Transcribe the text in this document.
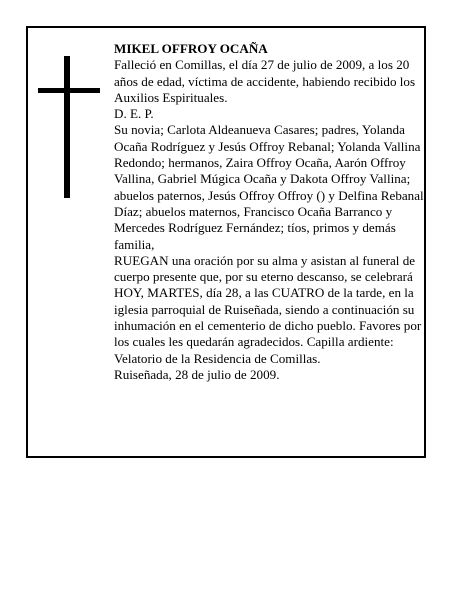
MIKEL OFFROY OCAÑA

Falleció en Comillas, el día 27 de julio de 2009, a los 20 años de edad, víctima de accidente, habiendo recibido los Auxilios Espirituales.

D. E. P.

Su novia; Carlota Aldeanueva Casares; padres, Yolanda Ocaña Rodríguez y Jesús Offroy Rebanal; Yolanda Vallina Redondo; hermanos, Zaira Offroy Ocaña, Aarón Offroy Vallina, Gabriel Múgica Ocaña y Dakota Offroy Vallina; abuelos paternos, Jesús Offroy Offroy () y Delfina Rebanal Díaz; abuelos maternos, Francisco Ocaña Barranco y Mercedes Rodríguez Fernández; tíos, primos y demás familia,

RUEGAN una oración por su alma y asistan al funeral de cuerpo presente que, por su eterno descanso, se celebrará HOY, MARTES, día 28, a las CUATRO de la tarde, en la iglesia parroquial de Ruiseñada, siendo a continuación su inhumación en el cementerio de dicho pueblo. Favores por los cuales les quedarán agradecidos. Capilla ardiente: Velatorio de la Residencia de Comillas.

Ruiseñada, 28 de julio de 2009.
